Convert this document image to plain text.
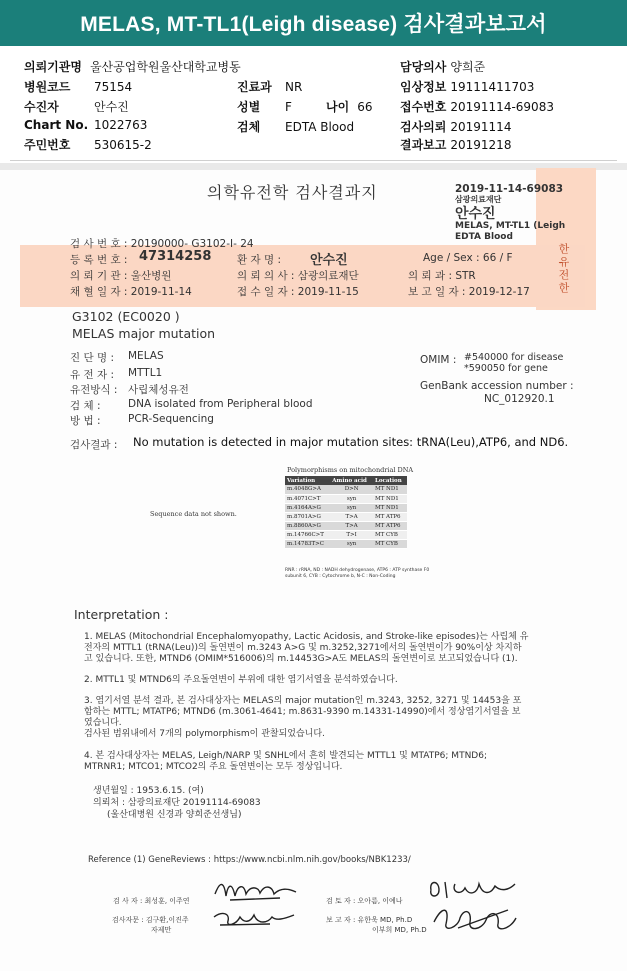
MELAS, MT-TL1(Leigh disease) 검사결과보고서
의뢰기관명 울산공업학원울산대학교병동	담당의사 양희준
병원코드 75154	진료과 NR	임상정보 19111411703
수진자	안수진	성별 F	나이 66 접수번호 20191114-69083
Chart No. 1022763	검체 EDTA Blood	검사의뢰 20191114
주민번호 530615-2	결과보고 20191218
의학유전학 검사결과지	2019-11-14-69083
삼광의료재단
안수진
MELAS, MT-TL1 (Leigh
EDTA Blood
검 사 번 호 : 20190000- G3102-I- 24
등 록 번 호 : 47314258 환 자 명 : 안수진	Age / Sex : 66 / F
의 뢰 기 관 : 울산병원	의 뢰 의 사 : 삼광의료재단	의 뢰 과 : STR
채 혈 일 자 : 2019-11-14	접 수 일 자 : 2019-11-15	보 고 일 자 : 2019-12-17 한유전한
G3102 (EC0020 )
MELAS major mutation
진 단 명 : MELAS
유 전 자 : MTTL1
유전방식 : 사립체성유전
검 체 :	DNA isolated from Peripheral blood
방 법 :	PCR-Sequencing
OMIM : #540000 for disease
*590050 for gene
GenBank accession number :
NC_012920.1
검사결과 : No mutation is detected in major mutation sites: tRNA(Leu),ATP6, and ND6.
Polymorphisms on mitochondrial DNA
Sequence data not shown.
Variation	Amino acid	Location
m.4048G>A	D>N	MT ND1
m.4071C>T	syn	MT ND1
m.4164A>G	syn	MT ND1
m.8701A>G	T>A	MT ATP6
m.8860A>G	T>A	MT ATP6
m.14766C>T	T>I	MT CYB
m.14783T>C	syn	MT CYB
RNR : rRNA, ND : NADH dehydrogenase, ATP6 : ATP synthase F0
subunit 6, CYB : Cytochrome b, N-C : Non-Coding
Interpretation :
1. MELAS (Mitochondrial Encephalomyopathy, Lactic Acidosis, and Stroke-like episodes)는 사립체 유
전자의 MTTL1 (tRNA(Leu))의 돌연변이 m.3243 A>G 및 m.3252,3271에서의 돌연변이가 90%이상 차지하
고 있습니다. 또한, MTND6 (OMIM*516006)의 m.14453G>A도 MELAS의 돌연변이로 보고되었습니다 (1).
2. MTTL1 및 MTND6의 주요돌연변이 부위에 대한 염기서열을 분석하였습니다.
3. 염기서열 분석 결과, 본 검사대상자는 MELAS의 major mutation인 m.3243, 3252, 3271 및 14453을 포
함하는 MTTL; MTATP6; MTND6 (m.3061-4641; m.8631-9390 m.14331-14990)에서 정상염기서열을 보
였습니다.
검사된 범위내에서 7개의 polymorphism이 관찰되었습니다.
4. 본 검사대상자는 MELAS, Leigh/NARP 및 SNHL에서 흔히 발견되는 MTTL1 및 MTATP6; MTND6;
MTRNR1; MTCO1; MTCO2의 주요 돌연변이는 모두 정상입니다.
생년월일 : 1953.6.15. (여)
의뢰처 : 삼광의료재단 20191114-69083
(울산대병원 신경과 양희준선생님)
Reference (1) GeneReviews : https://www.ncbi.nlm.nih.gov/books/NBK1233/
검 사 자 : 최성훈, 이주연
검사자문 : 김구환,이진주
자제만
검 토 자 : 오아름, 이예나
보 고 자 : 유한욱 MD, Ph.D
이부희 MD, Ph.D
